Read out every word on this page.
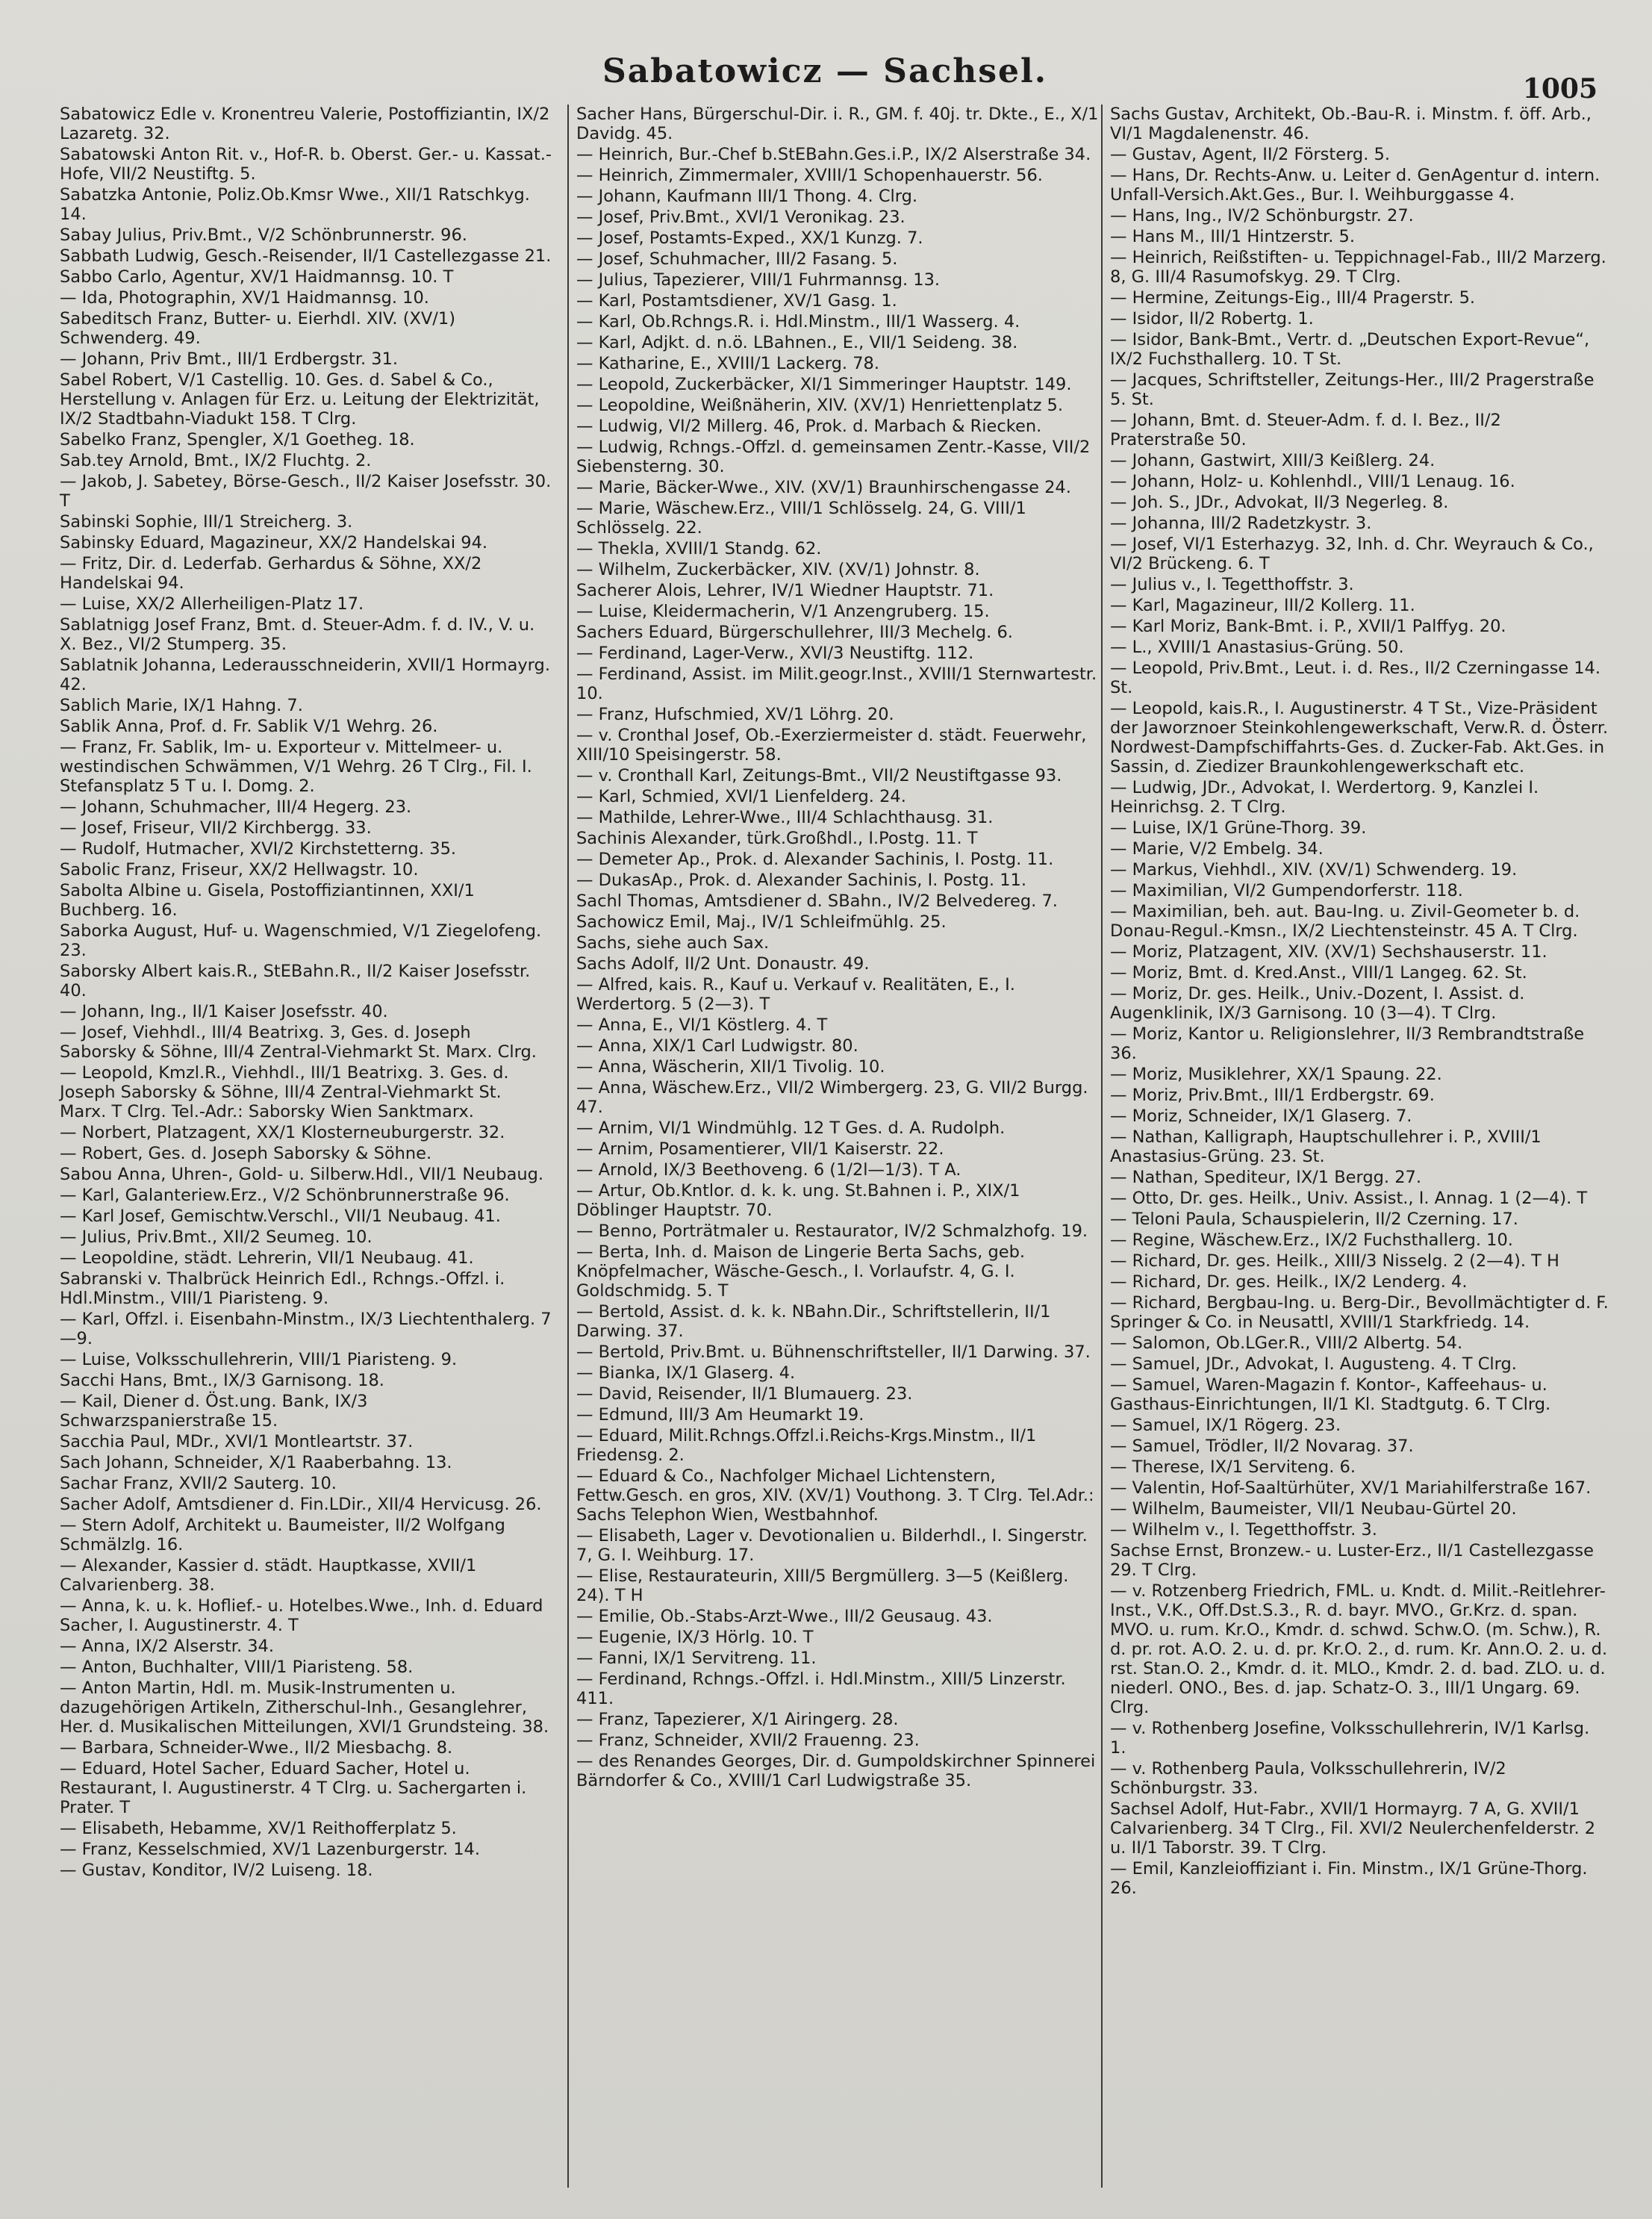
Sabatowicz — Sachsel.	1005
Sabatowicz Edle v. Kronentreu Valerie, Postoffiziantin, IX/2 Lazaretg. 32.
Sabatowski Anton Rit. v., Hof-R. b. Oberst. Ger.- u. Kassat.-Hofe, VII/2 Neustiftg. 5.
Sabatzka Antonie, Poliz.Ob.Kmsr Wwe., XII/1 Ratschkyg. 14.
Sabay Julius, Priv.Bmt., V/2 Schönbrunnerstr. 96.
Sabbath Ludwig, Gesch.-Reisender, II/1 Castellezgasse 21.
Sabbo Carlo, Agentur, XV/1 Haidmannsg. 10. T
— Ida, Photographin, XV/1 Haidmannsg. 10.
Sabeditsch Franz, Butter- u. Eierhdl. XIV. (XV/1) Schwenderg. 49.
— Johann, Priv Bmt., III/1 Erdbergstr. 31.
Sabel Robert, V/1 Castellig. 10. Ges. d. Sabel & Co., Herstellung v. Anlagen für Erz. u. Leitung der Elektrizität, IX/2 Stadtbahn-Viadukt 158. T Clrg.
Sabelko Franz, Spengler, X/1 Goetheg. 18.
Sab.tey Arnold, Bmt., IX/2 Fluchtg. 2.
— Jakob, J. Sabetey, Börse-Gesch., II/2 Kaiser Josefsstr. 30. T
Sabinski Sophie, III/1 Streicherg. 3.
Sabinsky Eduard, Magazineur, XX/2 Handelskai 94.
— Fritz, Dir. d. Lederfab. Gerhardus & Söhne, XX/2 Handelskai 94.
— Luise, XX/2 Allerheiligen-Platz 17.
Sablatnigg Josef Franz, Bmt. d. Steuer-Adm. f. d. IV., V. u. X. Bez., VI/2 Stumperg. 35.
Sablatnik Johanna, Lederausschneiderin, XVII/1 Hormayrg. 42.
Sablich Marie, IX/1 Hahng. 7.
Sablik Anna, Prof. d. Fr. Sablik V/1 Wehrg. 26.
— Franz, Fr. Sablik, Im- u. Exporteur v. Mittelmeer- u. westindischen Schwämmen, V/1 Wehrg. 26 T Clrg., Fil. I. Stefansplatz 5 T u. I. Domg. 2.
— Johann, Schuhmacher, III/4 Hegerg. 23.
— Josef, Friseur, VII/2 Kirchbergg. 33.
— Rudolf, Hutmacher, XVI/2 Kirchstetterng. 35.
Sabolic Franz, Friseur, XX/2 Hellwagstr. 10.
Sabolta Albine u. Gisela, Postoffiziantinnen, XXI/1 Buchberg. 16.
Saborka August, Huf- u. Wagenschmied, V/1 Ziegelofeng. 23.
Saborsky Albert kais.R., StEBahn.R., II/2 Kaiser Josefsstr. 40.
— Johann, Ing., II/1 Kaiser Josefsstr. 40.
— Josef, Viehhdl., III/4 Beatrixg. 3, Ges. d. Joseph Saborsky & Söhne, III/4 Zentral-Viehmarkt St. Marx. Clrg.
— Leopold, Kmzl.R., Viehhdl., III/1 Beatrixg. 3. Ges. d. Joseph Saborsky & Söhne, III/4 Zentral-Viehmarkt St. Marx. T Clrg. Tel.-Adr.: Saborsky Wien Sanktmarx.
— Norbert, Platzagent, XX/1 Klosterneuburgerstr. 32.
— Robert, Ges. d. Joseph Saborsky & Söhne.
Sabou Anna, Uhren-, Gold- u. Silberw.Hdl., VII/1 Neubaug.
— Karl, Galanteriew.Erz., V/2 Schönbrunnerstraße 96.
— Karl Josef, Gemischtw.Verschl., VII/1 Neubaug. 41.
— Julius, Priv.Bmt., XII/2 Seumeg. 10.
— Leopoldine, städt. Lehrerin, VII/1 Neubaug. 41.
Sabranski v. Thalbrück Heinrich Edl., Rchngs.-Offzl. i. Hdl.Minstm., VIII/1 Piaristeng. 9.
— Karl, Offzl. i. Eisenbahn-Minstm., IX/3 Liechtenthalerg. 7—9.
— Luise, Volksschullehrerin, VIII/1 Piaristeng. 9.
Sacchi Hans, Bmt., IX/3 Garnisong. 18.
— Kail, Diener d. Öst.ung. Bank, IX/3 Schwarzspanierstraße 15.
Sacchia Paul, MDr., XVI/1 Montleartstr. 37.
Sach Johann, Schneider, X/1 Raaberbahng. 13.
Sachar Franz, XVII/2 Sauterg. 10.
Sacher Adolf, Amtsdiener d. Fin.LDir., XII/4 Hervicusg. 26.
— Stern Adolf, Architekt u. Baumeister, II/2 Wolfgang Schmälzlg. 16.
— Alexander, Kassier d. städt. Hauptkasse, XVII/1 Calvarienberg. 38.
— Anna, k. u. k. Hoflief.- u. Hotelbes.Wwe., Inh. d. Eduard Sacher, I. Augustinerstr. 4. T
— Anna, IX/2 Alserstr. 34.
— Anton, Buchhalter, VIII/1 Piaristeng. 58.
— Anton Martin, Hdl. m. Musik-Instrumenten u. dazugehörigen Artikeln, Zitherschul-Inh., Gesanglehrer, Her. d. Musikalischen Mitteilungen, XVI/1 Grundsteing. 38.
— Barbara, Schneider-Wwe., II/2 Miesbachg. 8.
— Eduard, Hotel Sacher, Eduard Sacher, Hotel u. Restaurant, I. Augustinerstr. 4 T Clrg. u. Sachergarten i. Prater. T
— Elisabeth, Hebamme, XV/1 Reithofferplatz 5.
— Franz, Kesselschmied, XV/1 Lazenburgerstr. 14.
— Gustav, Konditor, IV/2 Luiseng. 18.
Sacher Hans, Bürgerschul-Dir. i. R., GM. f. 40j. tr. Dkte., E., X/1 Davidg. 45.
— Heinrich, Bur.-Chef b.StEBahn.Ges.i.P., IX/2 Alserstraße 34.
— Heinrich, Zimmermaler, XVIII/1 Schopenhauerstr. 56.
— Johann, Kaufmann III/1 Thong. 4. Clrg.
— Josef, Priv.Bmt., XVI/1 Veronikag. 23.
— Josef, Postamts-Exped., XX/1 Kunzg. 7.
— Josef, Schuhmacher, III/2 Fasang. 5.
— Julius, Tapezierer, VIII/1 Fuhrmannsg. 13.
— Karl, Postamtsdiener, XV/1 Gasg. 1.
— Karl, Ob.Rchngs.R. i. Hdl.Minstm., III/1 Wasserg. 4.
— Karl, Adjkt. d. n.ö. LBahnen., E., VII/1 Seideng. 38.
— Katharine, E., XVIII/1 Lackerg. 78.
— Leopold, Zuckerbäcker, XI/1 Simmeringer Hauptstr. 149.
— Leopoldine, Weißnäherin, XIV. (XV/1) Henriettenplatz 5.
— Ludwig, VI/2 Millerg. 46, Prok. d. Marbach & Riecken.
— Ludwig, Rchngs.-Offzl. d. gemeinsamen Zentr.-Kasse, VII/2 Siebensterng. 30.
— Marie, Bäcker-Wwe., XIV. (XV/1) Braunhirschengasse 24.
— Marie, Wäschew.Erz., VIII/1 Schlösselg. 24, G. VIII/1 Schlösselg. 22.
— Thekla, XVIII/1 Standg. 62.
— Wilhelm, Zuckerbäcker, XIV. (XV/1) Johnstr. 8.
Sacherer Alois, Lehrer, IV/1 Wiedner Hauptstr. 71.
— Luise, Kleidermacherin, V/1 Anzengruberg. 15.
Sachers Eduard, Bürgerschullehrer, III/3 Mechelg. 6.
— Ferdinand, Lager-Verw., XVI/3 Neustiftg. 112.
— Ferdinand, Assist. im Milit.geogr.Inst., XVIII/1 Sternwartestr. 10.
— Franz, Hufschmied, XV/1 Löhrg. 20.
— v. Cronthal Josef, Ob.-Exerziermeister d. städt. Feuerwehr, XIII/10 Speisingerstr. 58.
— v. Cronthall Karl, Zeitungs-Bmt., VII/2 Neustiftgasse 93.
— Karl, Schmied, XVI/1 Lienfelderg. 24.
— Mathilde, Lehrer-Wwe., III/4 Schlachthausg. 31.
Sachinis Alexander, türk.Großhdl., I.Postg. 11. T
— Demeter Ap., Prok. d. Alexander Sachinis, I. Postg. 11.
— DukasAp., Prok. d. Alexander Sachinis, I. Postg. 11.
Sachl Thomas, Amtsdiener d. SBahn., IV/2 Belvedereg. 7.
Sachowicz Emil, Maj., IV/1 Schleifmühlg. 25.
Sachs, siehe auch Sax.
Sachs Adolf, II/2 Unt. Donaustr. 49.
— Alfred, kais. R., Kauf u. Verkauf v. Realitäten, E., I. Werdertorg. 5 (2—3). T
— Anna, E., VI/1 Köstlerg. 4. T
— Anna, XIX/1 Carl Ludwigstr. 80.
— Anna, Wäscherin, XII/1 Tivolig. 10.
— Anna, Wäschew.Erz., VII/2 Wimbergerg. 23, G. VII/2 Burgg. 47.
— Arnim, VI/1 Windmühlg. 12 T Ges. d. A. Rudolph.
— Arnim, Posamentierer, VII/1 Kaiserstr. 22.
— Arnold, IX/3 Beethoveng. 6 (1/2l—1/3). T A.
— Artur, Ob.Kntlor. d. k. k. ung. St.Bahnen i. P., XIX/1 Döblinger Hauptstr. 70.
— Benno, Porträtmaler u. Restaurator, IV/2 Schmalzhofg. 19.
— Berta, Inh. d. Maison de Lingerie Berta Sachs, geb. Knöpfelmacher, Wäsche-Gesch., I. Vorlaufstr. 4, G. I. Goldschmidg. 5. T
— Bertold, Assist. d. k. k. NBahn.Dir., Schriftstellerin, II/1 Darwing. 37.
— Bertold, Priv.Bmt. u. Bühnenschriftsteller, II/1 Darwing. 37.
— Bianka, IX/1 Glaserg. 4.
— David, Reisender, II/1 Blumauerg. 23.
— Edmund, III/3 Am Heumarkt 19.
— Eduard, Milit.Rchngs.Offzl.i.Reichs-Krgs.Minstm., II/1 Friedensg. 2.
— Eduard & Co., Nachfolger Michael Lichtenstern, Fettw.Gesch. en gros, XIV. (XV/1) Vouthong. 3. T Clrg. Tel.Adr.: Sachs Telephon Wien, Westbahnhof.
— Elisabeth, Lager v. Devotionalien u. Bilderhdl., I. Singerstr. 7, G. I. Weihburg. 17.
— Elise, Restaurateurin, XIII/5 Bergmüllerg. 3—5 (Keißlerg. 24). T H
— Emilie, Ob.-Stabs-Arzt-Wwe., III/2 Geusaug. 43.
— Eugenie, IX/3 Hörlg. 10. T
— Fanni, IX/1 Servitreng. 11.
— Ferdinand, Rchngs.-Offzl. i. Hdl.Minstm., XIII/5 Linzerstr. 411.
— Franz, Tapezierer, X/1 Airingerg. 28.
— Franz, Schneider, XVII/2 Frauenng. 23.
— des Renandes Georges, Dir. d. Gumpoldskirchner Spinnerei Bärndorfer & Co., XVIII/1 Carl Ludwigstraße 35.
Sachs Gustav, Architekt, Ob.-Bau-R. i. Minstm. f. öff. Arb., VI/1 Magdalenenstr. 46.
— Gustav, Agent, II/2 Försterg. 5.
— Hans, Dr. Rechts-Anw. u. Leiter d. GenAgentur d. intern. Unfall-Versich.Akt.Ges., Bur. I. Weihburggasse 4.
— Hans, Ing., IV/2 Schönburgstr. 27.
— Hans M., III/1 Hintzerstr. 5.
— Heinrich, Reißstiften- u. Teppichnagel-Fab., III/2 Marzerg. 8, G. III/4 Rasumofskyg. 29. T Clrg.
— Hermine, Zeitungs-Eig., III/4 Pragerstr. 5.
— Isidor, II/2 Robertg. 1.
— Isidor, Bank-Bmt., Vertr. d. „Deutschen Export-Revue“, IX/2 Fuchsthallerg. 10. T St.
— Jacques, Schriftsteller, Zeitungs-Her., III/2 Pragerstraße 5. St.
— Johann, Bmt. d. Steuer-Adm. f. d. I. Bez., II/2 Praterstraße 50.
— Johann, Gastwirt, XIII/3 Keißlerg. 24.
— Johann, Holz- u. Kohlenhdl., VIII/1 Lenaug. 16.
— Joh. S., JDr., Advokat, II/3 Negerleg. 8.
— Johanna, III/2 Radetzkystr. 3.
— Josef, VI/1 Esterhazyg. 32, Inh. d. Chr. Weyrauch & Co., VI/2 Brückeng. 6. T
— Julius v., I. Tegetthoffstr. 3.
— Karl, Magazineur, III/2 Kollerg. 11.
— Karl Moriz, Bank-Bmt. i. P., XVII/1 Palffyg. 20.
— L., XVIII/1 Anastasius-Grüng. 50.
— Leopold, Priv.Bmt., Leut. i. d. Res., II/2 Czerningasse 14. St.
— Leopold, kais.R., I. Augustinerstr. 4 T St., Vize-Präsident der Jaworznoer Steinkohlengewerkschaft, Verw.R. d. Österr. Nordwest-Dampfschiffahrts-Ges. d. Zucker-Fab. Akt.Ges. in Sassin, d. Ziedizer Braunkohlengewerkschaft etc.
— Ludwig, JDr., Advokat, I. Werdertorg. 9, Kanzlei I. Heinrichsg. 2. T Clrg.
— Luise, IX/1 Grüne-Thorg. 39.
— Marie, V/2 Embelg. 34.
— Markus, Viehhdl., XIV. (XV/1) Schwenderg. 19.
— Maximilian, VI/2 Gumpendorferstr. 118.
— Maximilian, beh. aut. Bau-Ing. u. Zivil-Geometer b. d. Donau-Regul.-Kmsn., IX/2 Liechtensteinstr. 45 A. T Clrg.
— Moriz, Platzagent, XIV. (XV/1) Sechshauserstr. 11.
— Moriz, Bmt. d. Kred.Anst., VIII/1 Langeg. 62. St.
— Moriz, Dr. ges. Heilk., Univ.-Dozent, I. Assist. d. Augenklinik, IX/3 Garnisong. 10 (3—4). T Clrg.
— Moriz, Kantor u. Religionslehrer, II/3 Rembrandtstraße 36.
— Moriz, Musiklehrer, XX/1 Spaung. 22.
— Moriz, Priv.Bmt., III/1 Erdbergstr. 69.
— Moriz, Schneider, IX/1 Glaserg. 7.
— Nathan, Kalligraph, Hauptschullehrer i. P., XVIII/1 Anastasius-Grüng. 23. St.
— Nathan, Spediteur, IX/1 Bergg. 27.
— Otto, Dr. ges. Heilk., Univ. Assist., I. Annag. 1 (2—4). T
— Teloni Paula, Schauspielerin, II/2 Czerning. 17.
— Regine, Wäschew.Erz., IX/2 Fuchsthallerg. 10.
— Richard, Dr. ges. Heilk., XIII/3 Nisselg. 2 (2—4). T H
— Richard, Dr. ges. Heilk., IX/2 Lenderg. 4.
— Richard, Bergbau-Ing. u. Berg-Dir., Bevollmächtigter d. F. Springer & Co. in Neusattl, XVIII/1 Starkfriedg. 14.
— Salomon, Ob.LGer.R., VIII/2 Albertg. 54.
— Samuel, JDr., Advokat, I. Augusteng. 4. T Clrg.
— Samuel, Waren-Magazin f. Kontor-, Kaffeehaus- u. Gasthaus-Einrichtungen, II/1 Kl. Stadtgutg. 6. T Clrg.
— Samuel, IX/1 Rögerg. 23.
— Samuel, Trödler, II/2 Novarag. 37.
— Therese, IX/1 Serviteng. 6.
— Valentin, Hof-Saaltürhüter, XV/1 Mariahilferstraße 167.
— Wilhelm, Baumeister, VII/1 Neubau-Gürtel 20.
— Wilhelm v., I. Tegetthoffstr. 3.
Sachse Ernst, Bronzew.- u. Luster-Erz., II/1 Castellezgasse 29. T Clrg.
— v. Rotzenberg Friedrich, FML. u. Kndt. d. Milit.-Reitlehrer-Inst., V.K., Off.Dst.S.3., R. d. bayr. MVO., Gr.Krz. d. span. MVO. u. rum. Kr.O., Kmdr. d. schwd. Schw.O. (m. Schw.), R. d. pr. rot. A.O. 2. u. d. pr. Kr.O. 2., d. rum. Kr. Ann.O. 2. u. d. rst. Stan.O. 2., Kmdr. d. it. MLO., Kmdr. 2. d. bad. ZLO. u. d. niederl. ONO., Bes. d. jap. Schatz-O. 3., III/1 Ungarg. 69. Clrg.
— v. Rothenberg Josefine, Volksschullehrerin, IV/1 Karlsg. 1.
— v. Rothenberg Paula, Volksschullehrerin, IV/2 Schönburgstr. 33.
Sachsel Adolf, Hut-Fabr., XVII/1 Hormayrg. 7 A, G. XVII/1 Calvarienberg. 34 T Clrg., Fil. XVI/2 Neulerchenfelderstr. 2 u. II/1 Taborstr. 39. T Clrg.
— Emil, Kanzleioffiziant i. Fin. Minstm., IX/1 Grüne-Thorg. 26.
